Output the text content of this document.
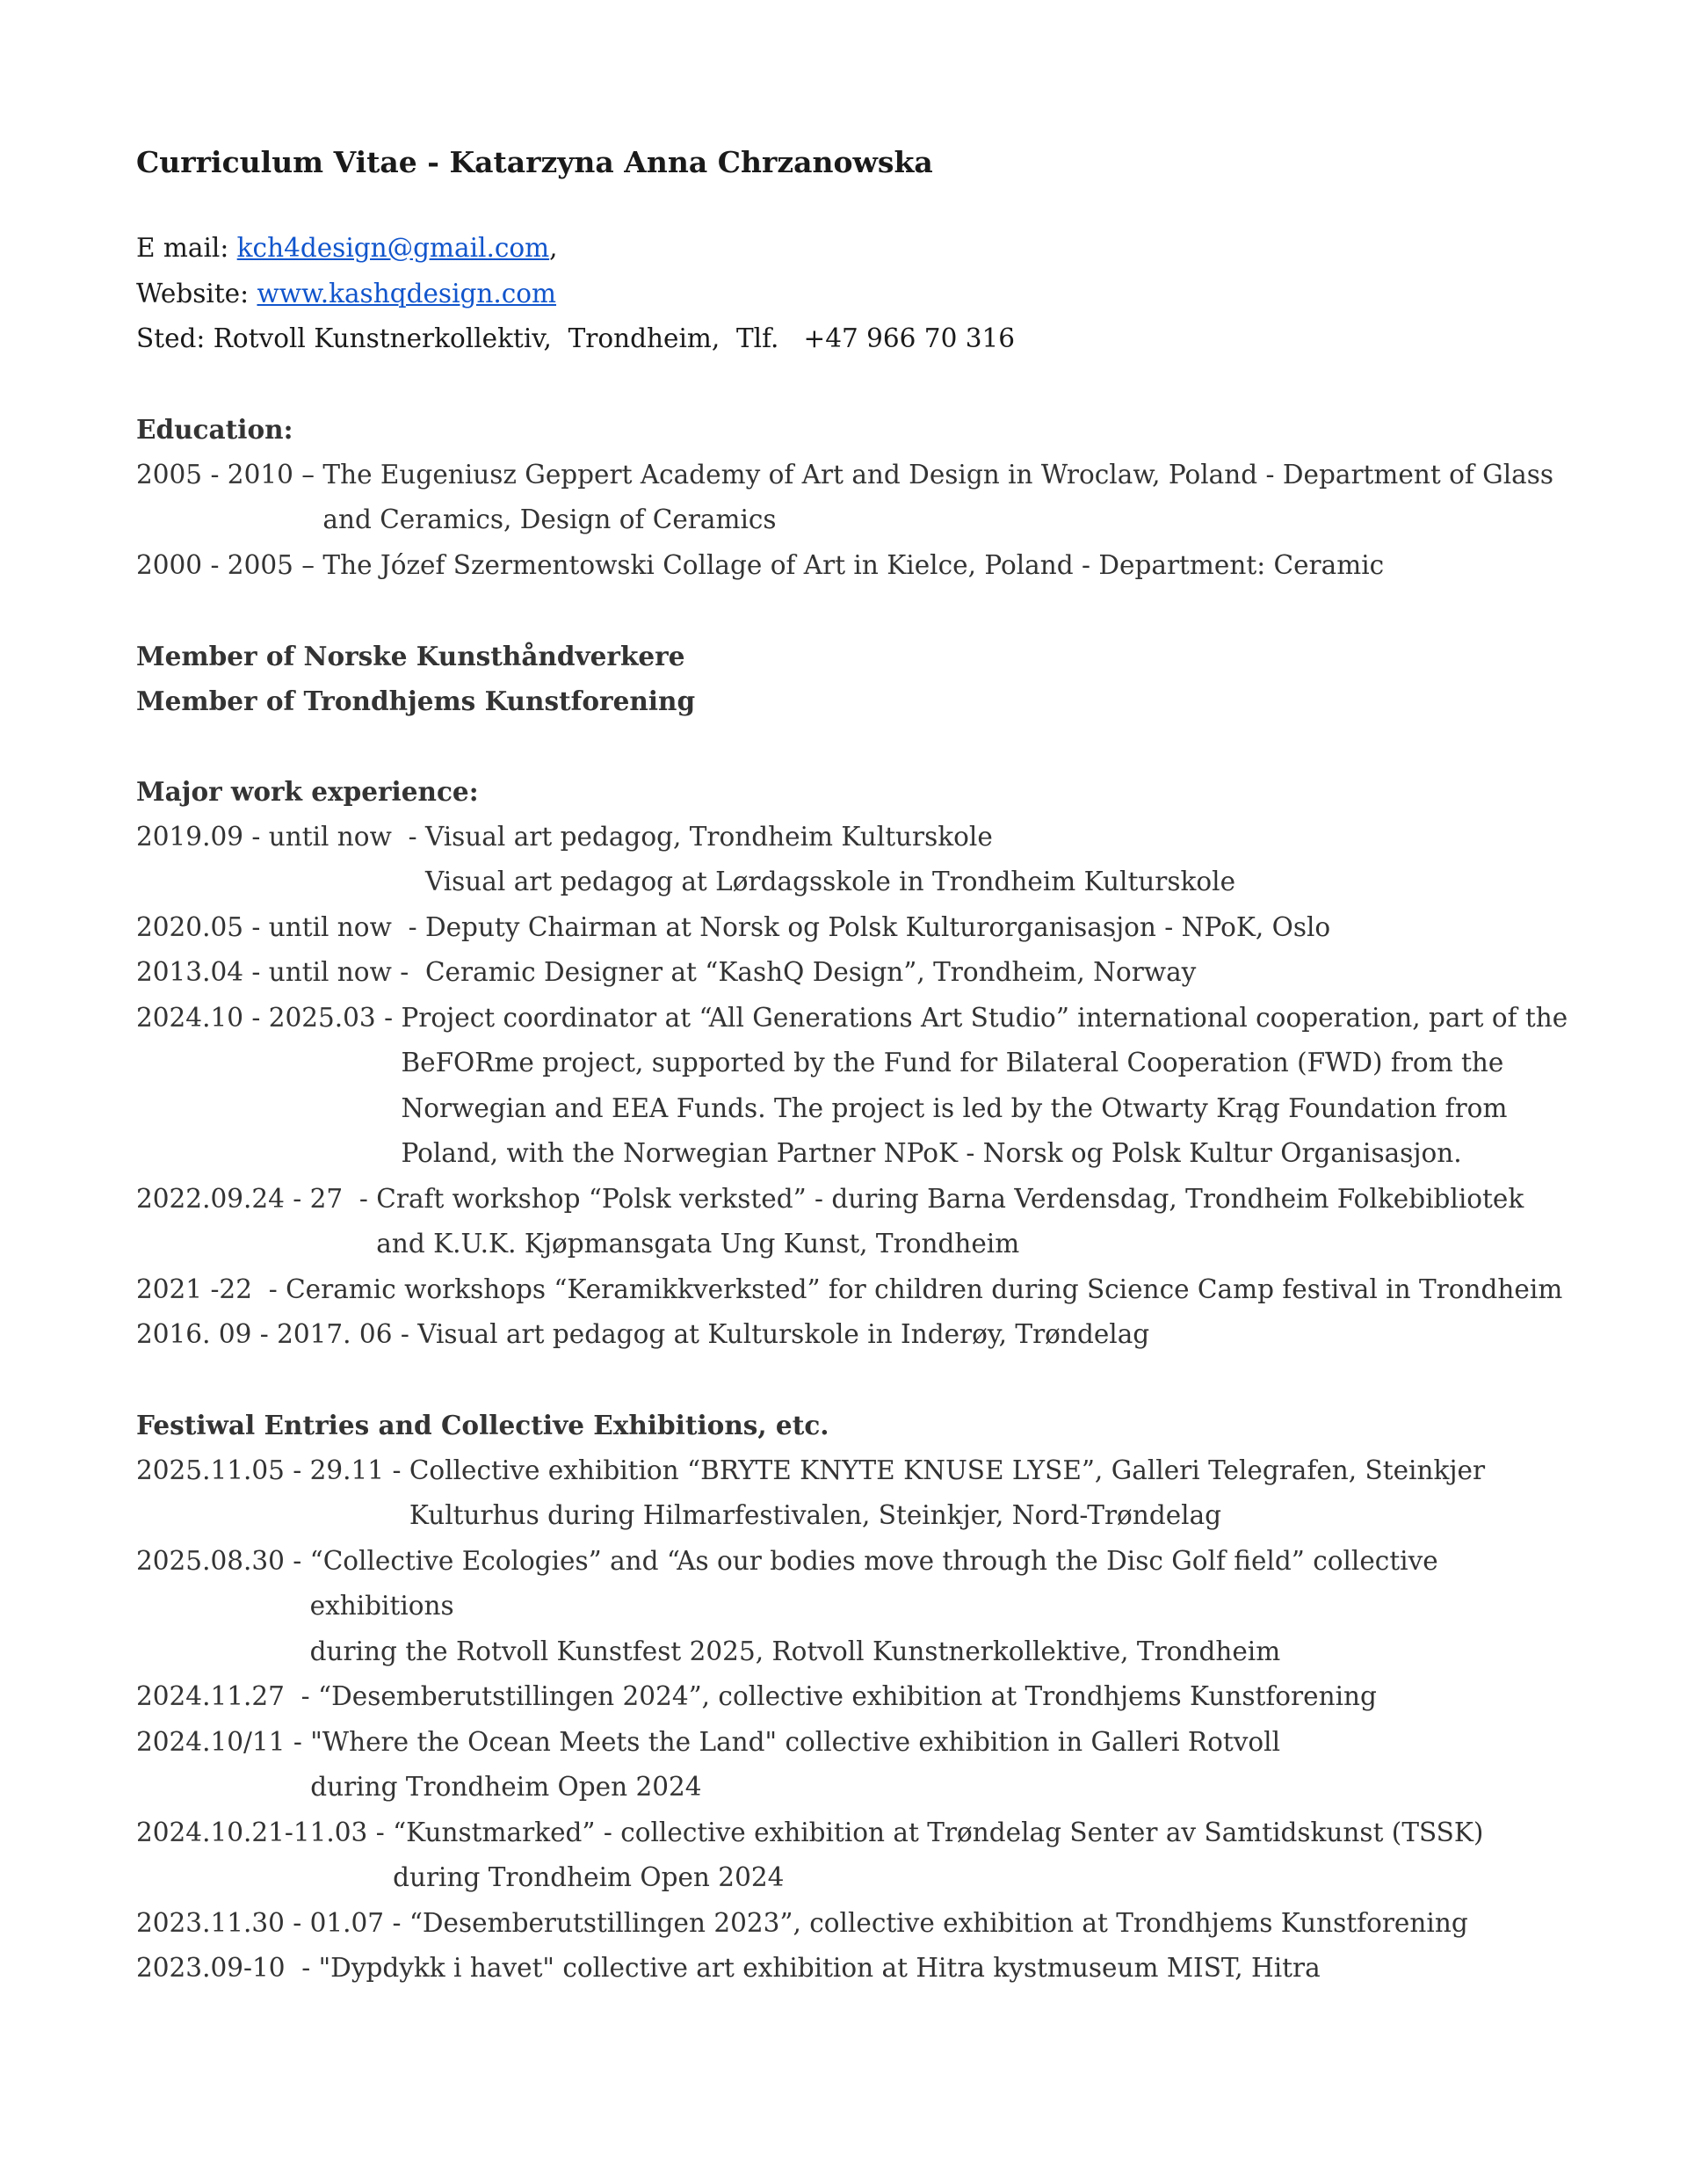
Curriculum Vitae - Katarzyna Anna Chrzanowska
E mail: kch4design@gmail.com,
Website: www.kashqdesign.com
Sted: Rotvoll Kunstnerkollektiv,  Trondheim,  Tlf.   +47 966 70 316
Education:
2005 - 2010 – The Eugeniusz Geppert Academy of Art and Design in Wroclaw, Poland - Department of Glass
and Ceramics, Design of Ceramics
2000 - 2005 – The Józef Szermentowski Collage of Art in Kielce, Poland - Department: Ceramic
Member of Norske Kunsthåndverkere
Member of Trondhjems Kunstforening
Major work experience:
2019.09 - until now  - Visual art pedagog, Trondheim Kulturskole
Visual art pedagog at Lørdagsskole in Trondheim Kulturskole
2020.05 - until now  - Deputy Chairman at Norsk og Polsk Kulturorganisasjon - NPoK, Oslo
2013.04 - until now - Ceramic Designer at “KashQ Design”, Trondheim, Norway
2024.10 - 2025.03 - Project coordinator at “All Generations Art Studio” international cooperation, part of the
BeFORme project, supported by the Fund for Bilateral Cooperation (FWD) from the
Norwegian and EEA Funds. The project is led by the Otwarty Krąg Foundation from
Poland, with the Norwegian Partner NPoK - Norsk og Polsk Kultur Organisasjon.
2022.09.24 - 27  - Craft workshop “Polsk verksted” - during Barna Verdensdag, Trondheim Folkebibliotek
and K.U.K. Kjøpmansgata Ung Kunst, Trondheim
2021 -22  - Ceramic workshops “Keramikkverksted” for children during Science Camp festival in Trondheim
2016. 09 - 2017. 06 - Visual art pedagog at Kulturskole in Inderøy, Trøndelag
Festiwal Entries and Collective Exhibitions, etc.
2025.11.05 - 29.11 - Collective exhibition “BRYTE KNYTE KNUSE LYSE”, Galleri Telegrafen, Steinkjer
Kulturhus during Hilmarfestivalen, Steinkjer, Nord-Trøndelag
2025.08.30 - “Collective Ecologies” and “As our bodies move through the Disc Golf field” collective exhibitions
during the Rotvoll Kunstfest 2025, Rotvoll Kunstnerkollektive, Trondheim
2024.11.27  - “Desemberutstillingen 2024”, collective exhibition at Trondhjems Kunstforening
2024.10/11 - "Where the Ocean Meets the Land" collective exhibition in Galleri Rotvoll
during Trondheim Open 2024
2024.10.21-11.03 - “Kunstmarked” - collective exhibition at Trøndelag Senter av Samtidskunst (TSSK)
during Trondheim Open 2024
2023.11.30 - 01.07 - “Desemberutstillingen 2023”, collective exhibition at Trondhjems Kunstforening
2023.09-10  - "Dypdykk i havet" collective art exhibition at Hitra kystmuseum MIST, Hitra
